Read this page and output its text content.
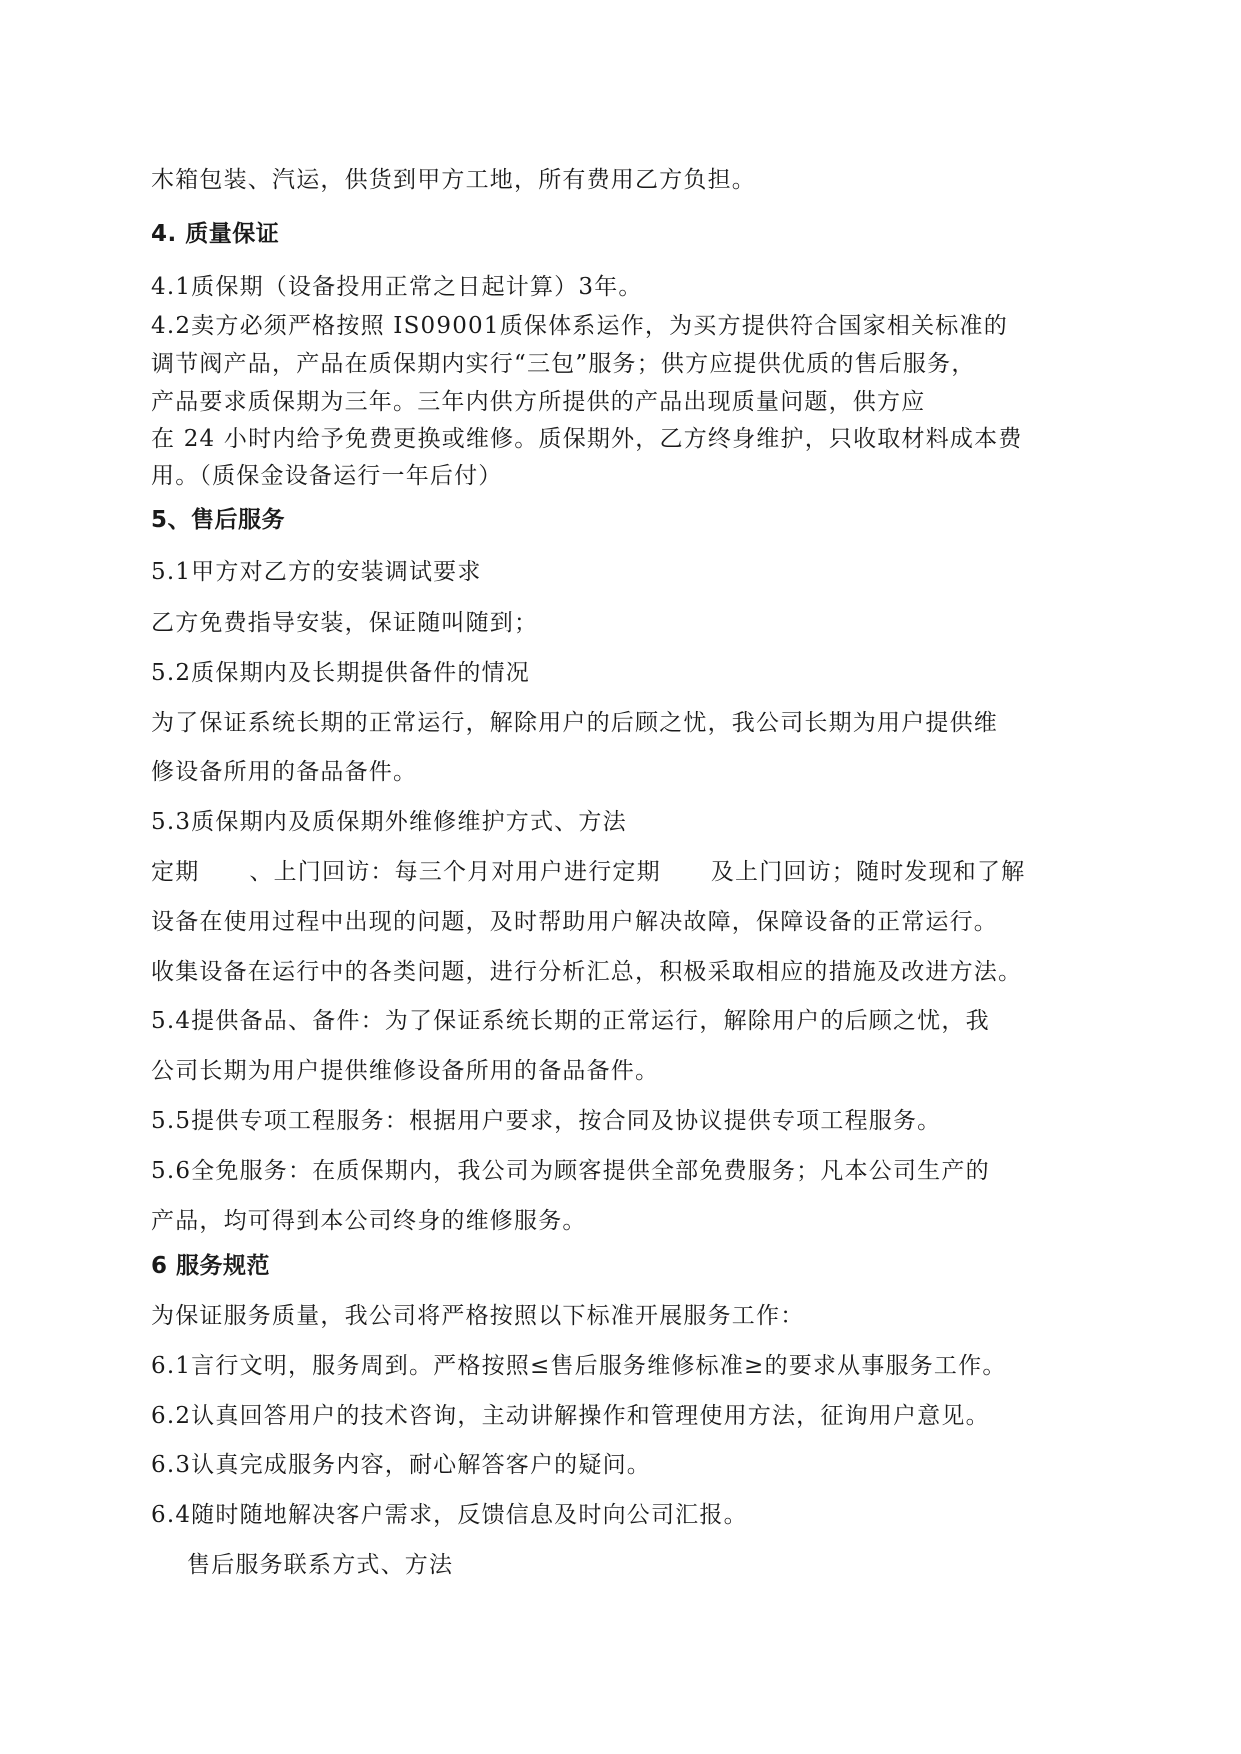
木箱包装、汽运，供货到甲方工地，所有费用乙方负担。
4. 质量保证
4.1质保期（设备投用正常之日起计算）3年。
4.2卖方必须严格按照 IS09001质保体系运作，为买方提供符合国家相关标准的
调节阀产品，产品在质保期内实行“三包”服务；供方应提供优质的售后服务，
产品要求质保期为三年。三年内供方所提供的产品出现质量问题，供方应
在 24 小时内给予免费更换或维修。质保期外，乙方终身维护，只收取材料成本费
用。（质保金设备运行一年后付）
5、售后服务
5.1甲方对乙方的安装调试要求
乙方免费指导安装，保证随叫随到；
5.2质保期内及长期提供备件的情况
为了保证系统长期的正常运行，解除用户的后顾之忧，我公司长期为用户提供维
修设备所用的备品备件。
5.3质保期内及质保期外维修维护方式、方法
定期 、上门回访：每三个月对用户进行定期 及上门回访；随时发现和了解
设备在使用过程中出现的问题，及时帮助用户解决故障，保障设备的正常运行。
收集设备在运行中的各类问题，进行分析汇总，积极采取相应的措施及改进方法。
5.4提供备品、备件：为了保证系统长期的正常运行，解除用户的后顾之忧，我
公司长期为用户提供维修设备所用的备品备件。
5.5提供专项工程服务：根据用户要求，按合同及协议提供专项工程服务。
5.6全免服务：在质保期内，我公司为顾客提供全部免费服务；凡本公司生产的
产品，均可得到本公司终身的维修服务。
6 服务规范
为保证服务质量，我公司将严格按照以下标准开展服务工作：
6.1言行文明，服务周到。严格按照≤售后服务维修标准≥的要求从事服务工作。
6.2认真回答用户的技术咨询，主动讲解操作和管理使用方法，征询用户意见。
6.3认真完成服务内容，耐心解答客户的疑问。
6.4随时随地解决客户需求，反馈信息及时向公司汇报。
售后服务联系方式、方法
